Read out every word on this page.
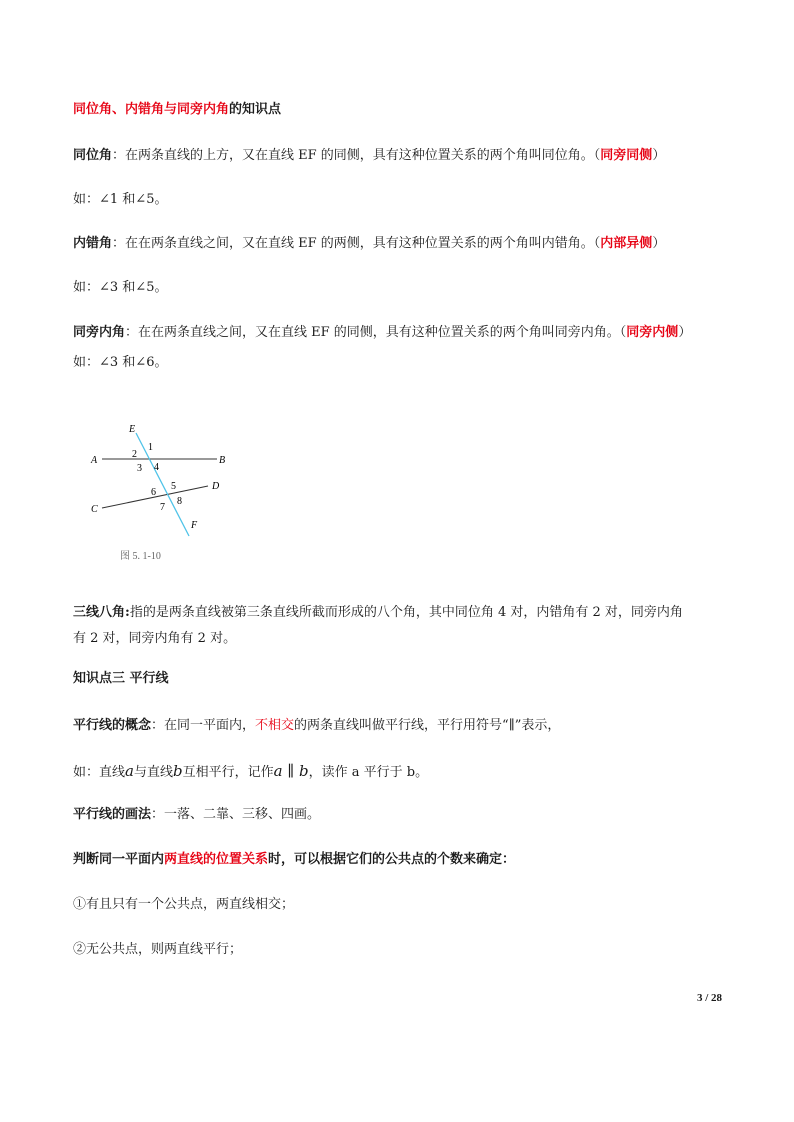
同位角、内错角与同旁内角的知识点
同位角：在两条直线的上方，又在直线 EF 的同侧，具有这种位置关系的两个角叫同位角。（同旁同侧）
如：∠1 和∠5。
内错角：在在两条直线之间，又在直线 EF 的两侧，具有这种位置关系的两个角叫内错角。（内部异侧）
如：∠3 和∠5。
同旁内角：在在两条直线之间，又在直线 EF 的同侧，具有这种位置关系的两个角叫同旁内角。（同旁内侧）
如：∠3 和∠6。
E
F
A	B
C
D
1
2
3 4
5
6
7
8
图 5. 1-10
三线八角:指的是两条直线被第三条直线所截而形成的八个角，其中同位角 4 对，内错角有 2 对，同旁内角
有 2 对，同旁内角有 2 对。
知识点三 平行线
平行线的概念：在同一平面内，不相交的两条直线叫做平行线，平行用符号“∥”表示，
如：直线a与直线b互相平行，记作a ∥ b，读作 a 平行于 b。
平行线的画法：一落、二靠、三移、四画。
判断同一平面内两直线的位置关系时，可以根据它们的公共点的个数来确定：
①有且只有一个公共点，两直线相交；
②无公共点，则两直线平行；
3 / 28
